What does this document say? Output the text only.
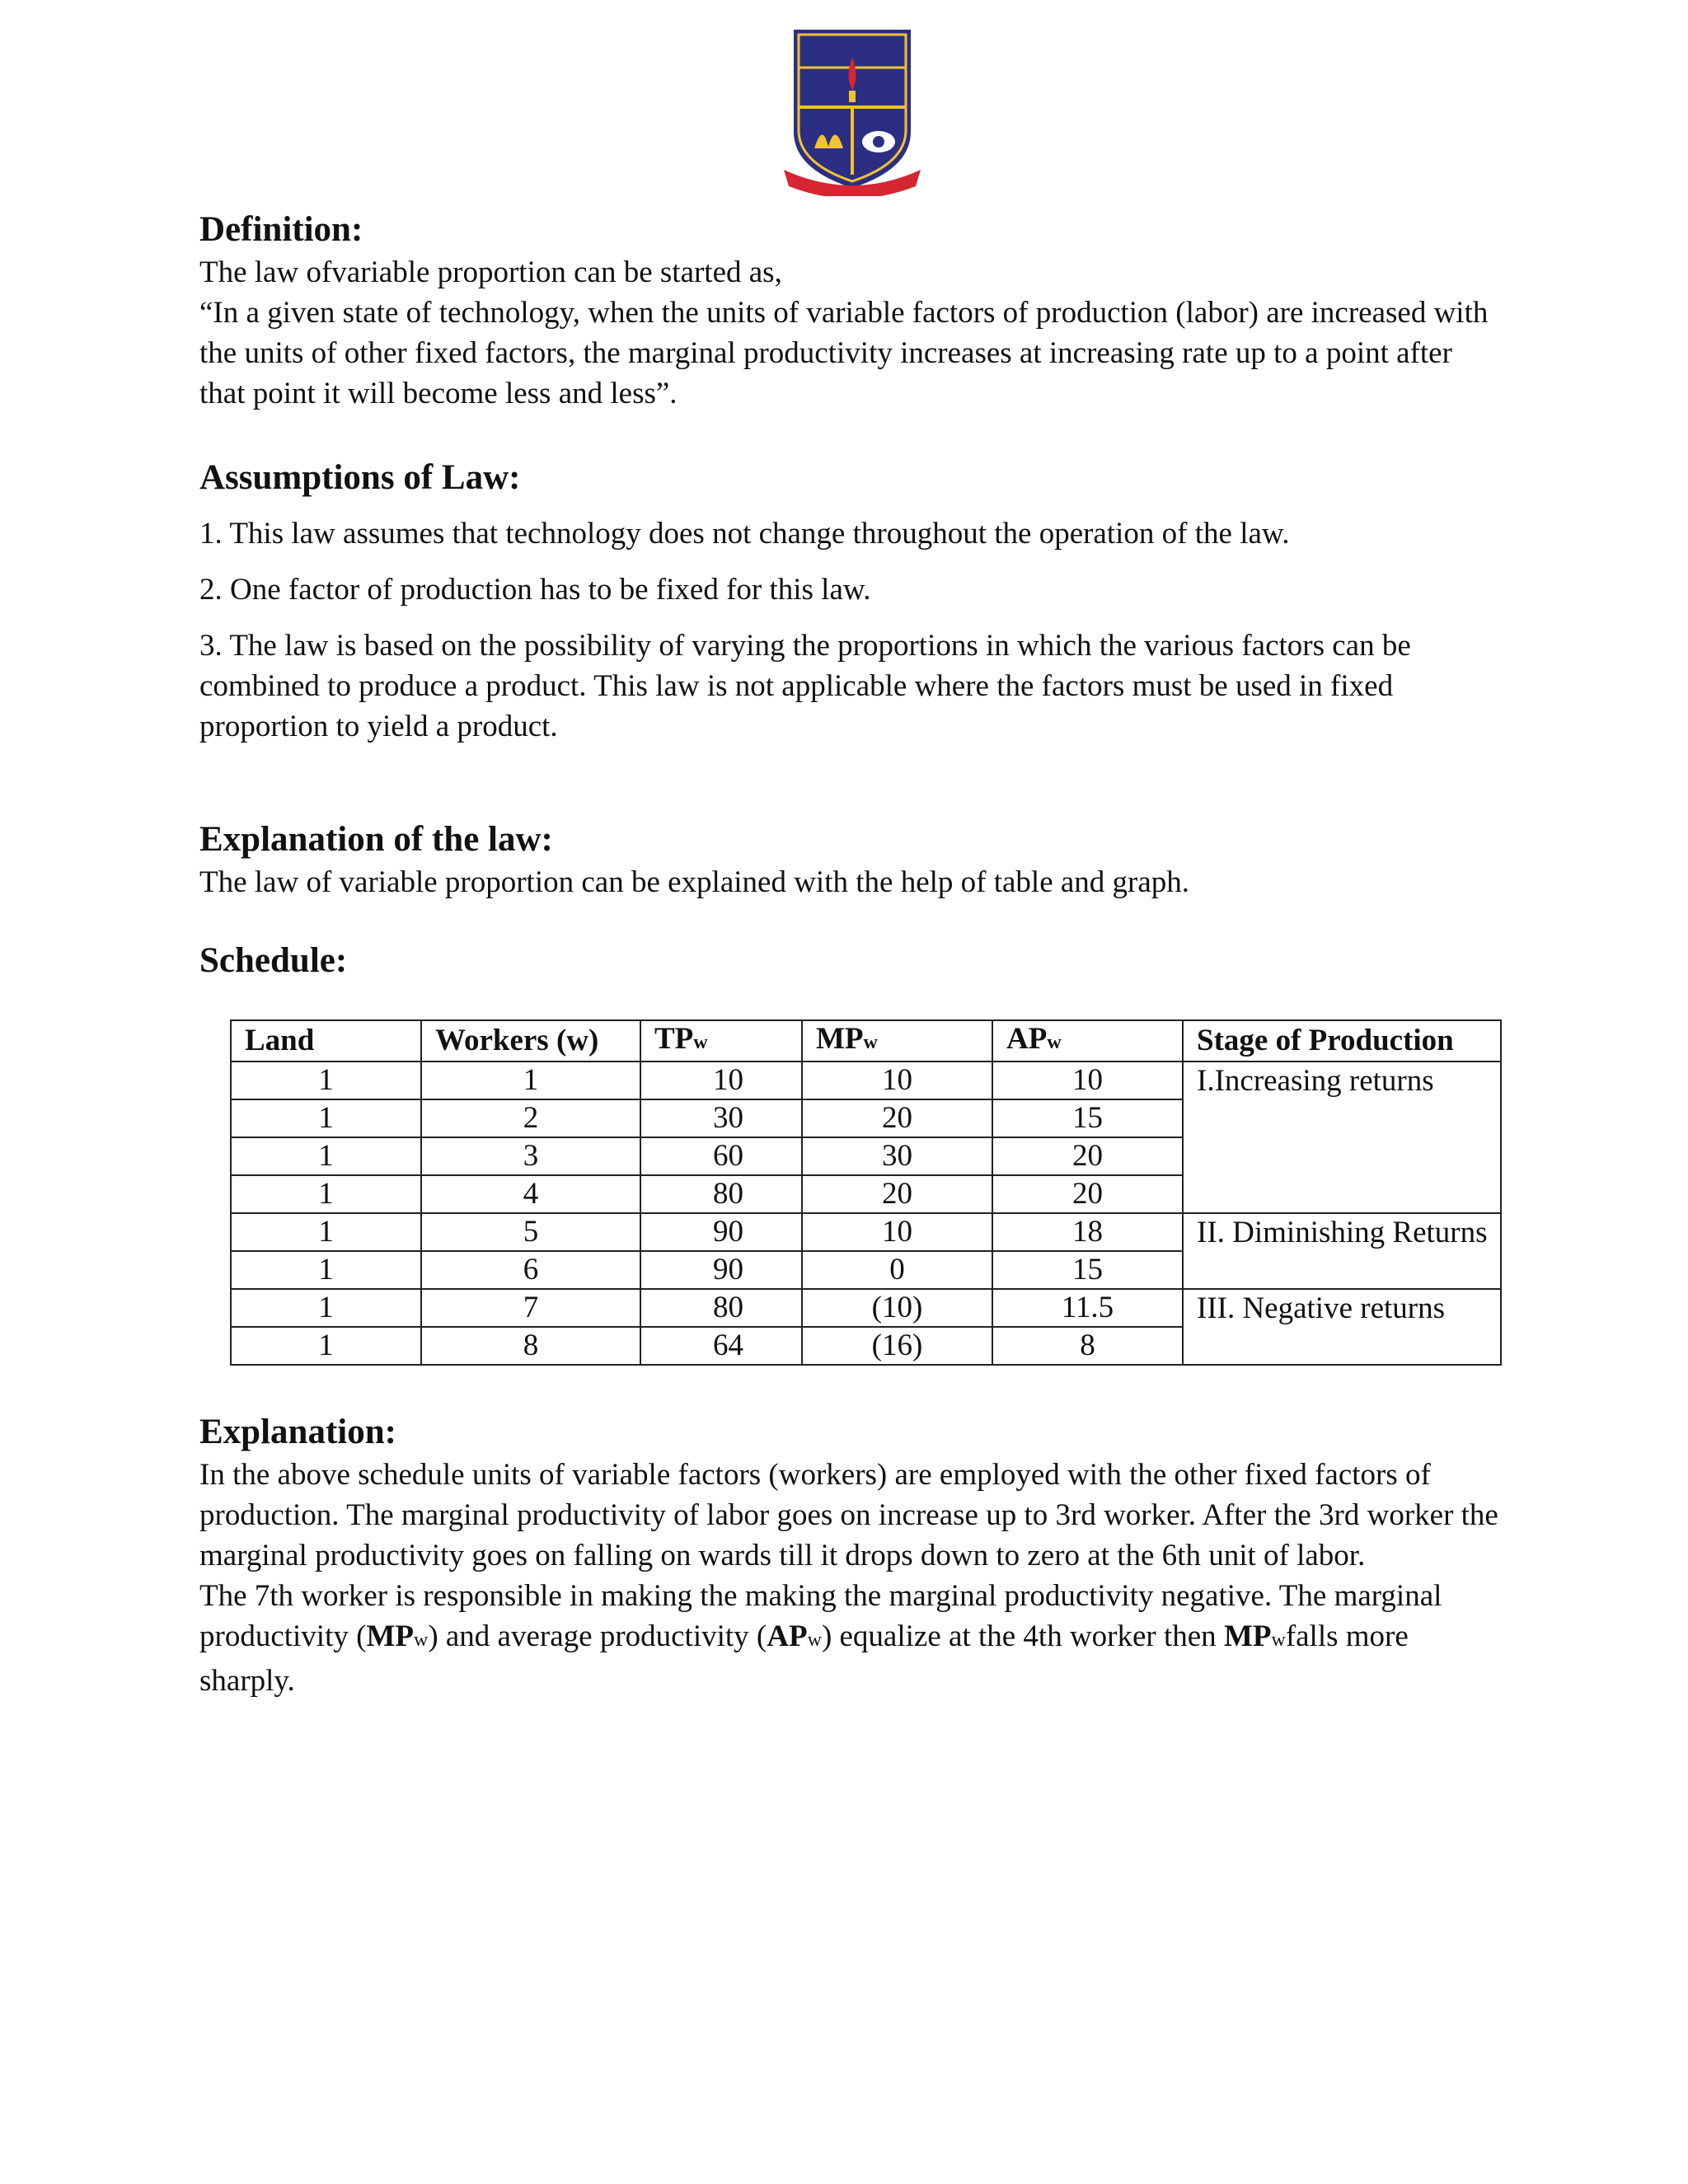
Definition:

The law ofvariable proportion can be started as,

“In a given state of technology, when the units of variable factors of production (labor) are increased with the units of other fixed factors, the marginal productivity increases at increasing rate up to a point after that point it will become less and less”.

Assumptions of Law:

1. This law assumes that technology does not change throughout the operation of the law.

2. One factor of production has to be fixed for this law.

3. The law is based on the possibility of varying the proportions in which the various factors can be combined to produce a product. This law is not applicable where the factors must be used in fixed proportion to yield a product.

Explanation of the law:

The law of variable proportion can be explained with the help of table and graph.

Schedule:
Land	Workers (w)	TPw	MPw	APw	Stage of Production
1	1	10	10	10	I.Increasing returns
1	2	30	20	15	
1	3	60	30	20	
1	4	80	20	20	
1	5	90	10	18	II. Diminishing Returns
1	6	90	0	15	
1	7	80	(10)	11.5	III. Negative returns
1	8	64	(16)	8	
Explanation:

In the above schedule units of variable factors (workers) are employed with the other fixed factors of production. The marginal productivity of labor goes on increase up to 3rd worker. After the 3rd worker the marginal productivity goes on falling on wards till it drops down to zero at the 6th unit of labor.

The 7th worker is responsible in making the making the marginal productivity negative. The marginal productivity (MPw) and average productivity (APw) equalize at the 4th worker then MPwfalls more sharply.
